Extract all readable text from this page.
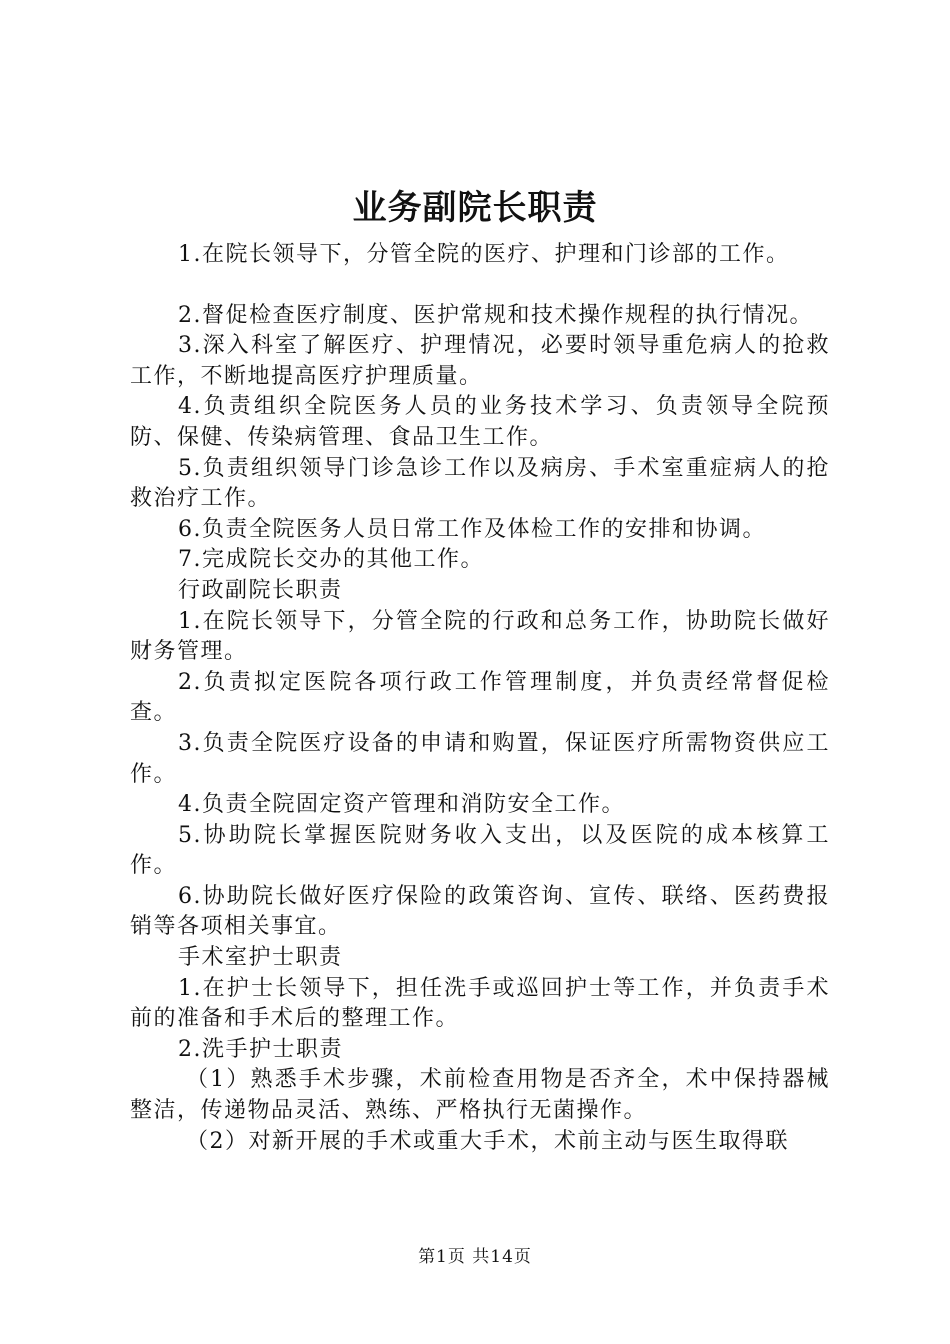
业务副院长职责

1.在院长领导下，分管全院的医疗、护理和门诊部的工作。

2.督促检查医疗制度、医护常规和技术操作规程的执行情况。

3.深入科室了解医疗、护理情况，必要时领导重危病人的抢救工作，不断地提高医疗护理质量。

4.负责组织全院医务人员的业务技术学习、负责领导全院预防、保健、传染病管理、食品卫生工作。

5.负责组织领导门诊急诊工作以及病房、手术室重症病人的抢救治疗工作。

6.负责全院医务人员日常工作及体检工作的安排和协调。

7.完成院长交办的其他工作。

行政副院长职责

1.在院长领导下，分管全院的行政和总务工作，协助院长做好财务管理。

2.负责拟定医院各项行政工作管理制度，并负责经常督促检查。

3.负责全院医疗设备的申请和购置，保证医疗所需物资供应工作。

4.负责全院固定资产管理和消防安全工作。

5.协助院长掌握医院财务收入支出，以及医院的成本核算工作。

6.协助院长做好医疗保险的政策咨询、宣传、联络、医药费报销等各项相关事宜。

手术室护士职责

1.在护士长领导下，担任洗手或巡回护士等工作，并负责手术前的准备和手术后的整理工作。

2.洗手护士职责

（1）熟悉手术步骤，术前检查用物是否齐全，术中保持器械整洁，传递物品灵活、熟练、严格执行无菌操作。

（2）对新开展的手术或重大手术，术前主动与医生取得联

第1页 共14页
